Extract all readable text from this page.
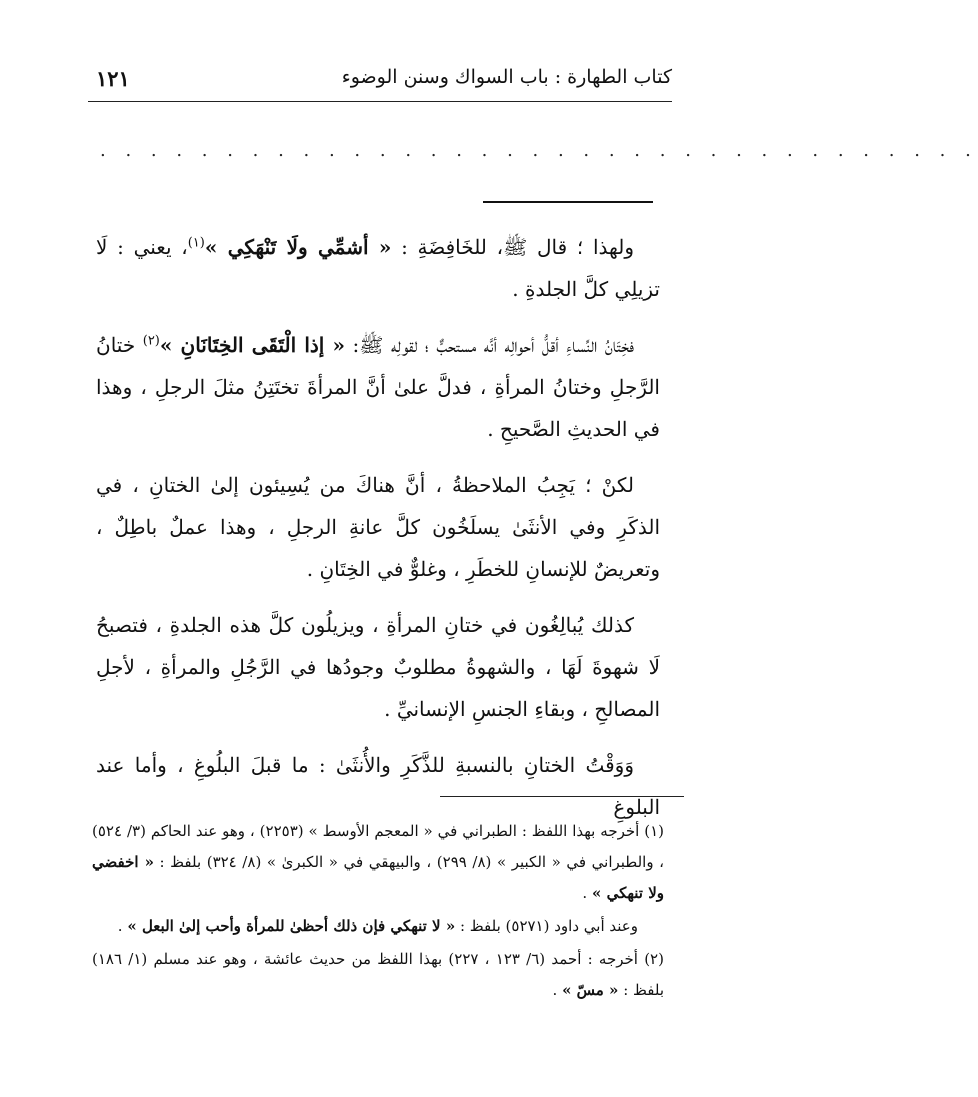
كتاب الطهارة : باب السواك وسنن الوضوء
١٢١
. . . . . . . . . . . . . . . . . . . . . . . . . . . . . . . . . . .

ولهذا ؛ قال ﷺ، للخَافِضَةِ : « أشمِّي ولَا تَنْهَكِي »$^{(١)}$، يعني : لَا تزيلِي كلَّ الجلدةِ .

فخِتَانُ النِّساءِ أقلُّ أحوالِه أنَّه مستحبٌّ ؛ لقولِه ﷺ: « إذا الْتَقَى الخِتَانَانِ »$^{(٢)}$ ختانُ الرَّجلِ وختانُ المرأةِ ، فدلَّ علىٰ أنَّ المرأةَ تختَتِنُ مثلَ الرجلِ ، وهذا في الحديثِ الصَّحيحِ .

لكنْ ؛ يَجِبُ الملاحظةُ ، أنَّ هناكَ من يُسِيئون إلىٰ الختانِ ، في الذكَرِ وفي الأنثَىٰ يسلَخُون كلَّ عانةِ الرجلِ ، وهذا عملٌ باطِلٌ ، وتعريضٌ للإنسانِ للخطَرِ ، وغلوٌّ في الخِتَانِ .

كذلك يُبالِغُون في ختانِ المرأةِ ، ويزيلُون كلَّ هذه الجلدةِ ، فتصبحُ لَا شهوةَ لَهَا ، والشهوةُ مطلوبٌ وجودُها في الرَّجُلِ والمرأةِ ، لأجلِ المصالحِ ، وبقاءِ الجنسِ الإنسانيِّ .

وَوَقْتُ الختانِ بالنسبةِ للذَّكَرِ والأُنثَىٰ : ما قبلَ البلُوغِ ، وأما عند البلوغِ

(١) أخرجه بهذا اللفظ : الطبراني في « المعجم الأوسط » (٢٢٥٣) ، وهو عند الحاكم (٣/ ٥٢٤) ، والطبراني في « الكبير » (٨/ ٢٩٩) ، والبيهقي في « الكبرىٰ » (٨/ ٣٢٤) بلفظ : « اخفضي ولا تنهكي » .
وعند أبي داود (٥٢٧١) بلفظ : « لا تنهكي فإن ذلك أحظىٰ للمرأة وأحب إلىٰ البعل » .
(٢) أخرجه : أحمد (٦/ ١٢٣ ، ٢٢٧) بهذا اللفظ من حديث عائشة ، وهو عند مسلم (١/ ١٨٦) بلفظ : « مسّ » .
